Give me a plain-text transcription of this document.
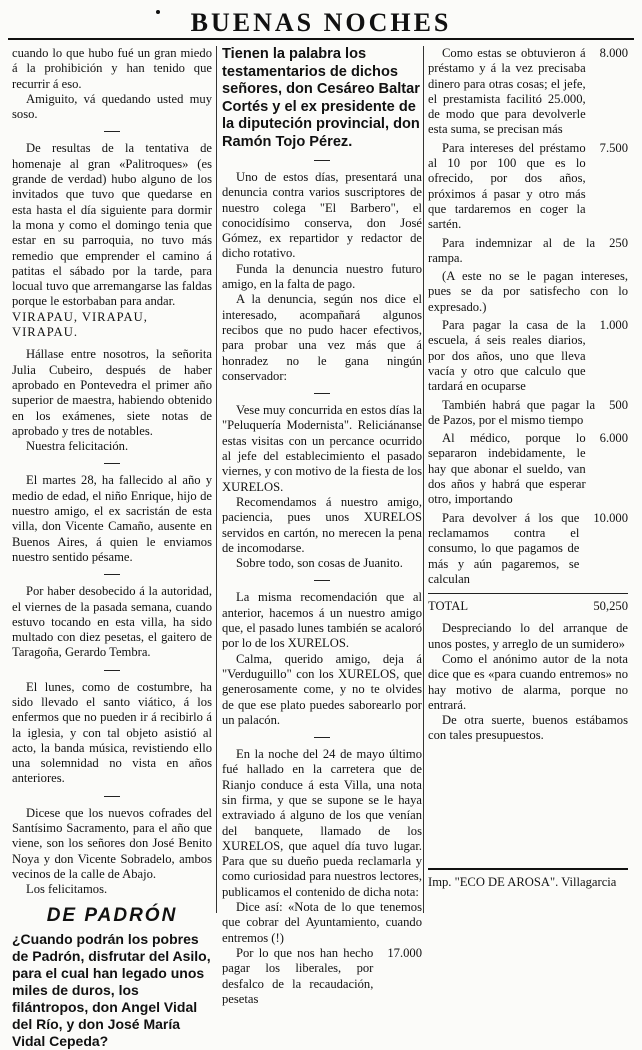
BUENAS NOCHES

cuando lo que hubo fué un gran miedo á la prohibición y han tenido que recurrir á eso.

Amiguito, vá quedando usted muy soso.

De resultas de la tentativa de homenaje al gran «Palitroques» (es grande de verdad) hubo alguno de los invitados que tuvo que quedarse en esta hasta el día siguiente para dormir la mona y como el domingo tenia que estar en su parroquia, no tuvo más remedio que emprender el camino á patitas el sábado por la tarde, para locual tuvo que arremangarse las faldas porque le estorbaban para andar.

VIRAPAU, VIRAPAU, VIRAPAU.

Hállase entre nosotros, la señorita Julia Cubeiro, después de haber aprobado en Pontevedra el primer año superior de maestra, habiendo obtenido en los exámenes, siete notas de aprobado y tres de notables.

Nuestra felicitación.

El martes 28, ha fallecido al año y medio de edad, el niño Enrique, hijo de nuestro amigo, el ex sacristán de esta villa, don Vicente Camaño, ausente en Buenos Aires, á quien le enviamos nuestro sentido pésame.

Por haber desobecido á la autoridad, el viernes de la pasada semana, cuando estuvo tocando en esta villa, ha sido multado con diez pesetas, el gaitero de Taragoña, Gerardo Tembra.

El lunes, como de costumbre, ha sido llevado el santo viático, á los enfermos que no pueden ir á recibirlo á la iglesia, y con tal objeto asistió al acto, la banda música, revistiendo ello una solemnidad no vista en años anteriores.

Dicese que los nuevos cofrades del Santísimo Sacramento, para el año que viene, son los señores don José Benito Noya y don Vicente Sobradelo, ambos vecinos de la calle de Abajo.

Los felicitamos.

DE PADRÓN

¿Cuando podrán los pobres de Padrón, disfrutar del Asilo, para el cual han legado unos miles de duros, los filántropos, don Angel Vidal del Río, y don José María Vidal Cepeda?

Tienen la palabra los testamentarios de dichos señores, don Cesáreo Baltar Cortés y el ex presidente de la diputeción provincial, don Ramón Tojo Pérez.

Uno de estos días, presentará una denuncia contra varios suscriptores de nuestro colega "El Barbero", el conocidísimo conserva, don José Gómez, ex repartidor y redactor de dicho rotativo.

Funda la denuncia nuestro futuro amigo, en la falta de pago.

A la denuncia, según nos dice el interesado, acompañará algunos recibos que no pudo hacer efectivos, para probar una vez más que á honradez no le gana ningún conservador:

Vese muy concurrida en estos días la "Peluquería Modernista". Reliciánanse estas visitas con un percance ocurrido al jefe del establecimiento el pasado viernes, y con motivo de la fiesta de los XURELOS.

Recomendamos á nuestro amigo, paciencia, pues unos XURELOS servidos en cartón, no merecen la pena de incomodarse.

Sobre todo, son cosas de Juanito.

La misma recomendación que al anterior, hacemos á un nuestro amigo que, el pasado lunes también se acaloró por lo de los XURELOS.

Calma, querido amigo, deja á "Verduguillo" con los XURELOS, que generosamente come, y no te olvides de que ese plato puedes saborearlo por un palacón.

En la noche del 24 de mayo último fué hallado en la carretera que de Rianjo conduce á esta Villa, una nota sin firma, y que se supone se le haya extraviado á alguno de los que venían del banquete, llamado de los XURELOS, que aquel día tuvo lugar. Para que su dueño pueda reclamarla y como curiosidad para nuestros lectores, publicamos el contenido de dicha nota:

Dice así: «Nota de lo que tenemos que cobrar del Ayuntamiento, cuando entremos (!)

Por lo que nos han hecho pagar los liberales, por desfalco de la recaudación, pesetas
17.000
Como estas se obtuvieron á préstamo y á la vez precisaba dinero para otras cosas; el jefe, el prestamista facilitó 25.000, de modo que para devolverle esta suma, se precisan más
8.000
Para intereses del préstamo al 10 por 100 que es lo ofrecido, por dos años, próximos á pasar y otro más que tardaremos en coger la sartén.
7.500
Para indemnizar al de la rampa.
250
(A este no se le pagan intereses, pues se da por satisfecho con lo expresado.)
Para pagar la casa de la escuela, á seis reales diarios, por dos años, uno que lleva vacía y otro que calculo que tardará en ocuparse
1.000
También habrá que pagar la de Pazos, por el mismo tiempo
500
Al médico, porque lo separaron indebidamente, le hay que abonar el sueldo, van dos años y habrá que esperar otro, importando
6.000
Para devolver á los que reclamamos contra el consumo, lo que pagamos de más y aún pagaremos, se calculan
10.000
TOTAL	50,250

Despreciando lo del arranque de unos postes, y arreglo de un sumidero»

Como el anónimo autor de la nota dice que es «para cuando entremos» no hay motivo de alarma, porque no entrará.

De otra suerte, buenos estábamos con tales presupuestos.

Imp. "ECO DE AROSA". Villagarcia
